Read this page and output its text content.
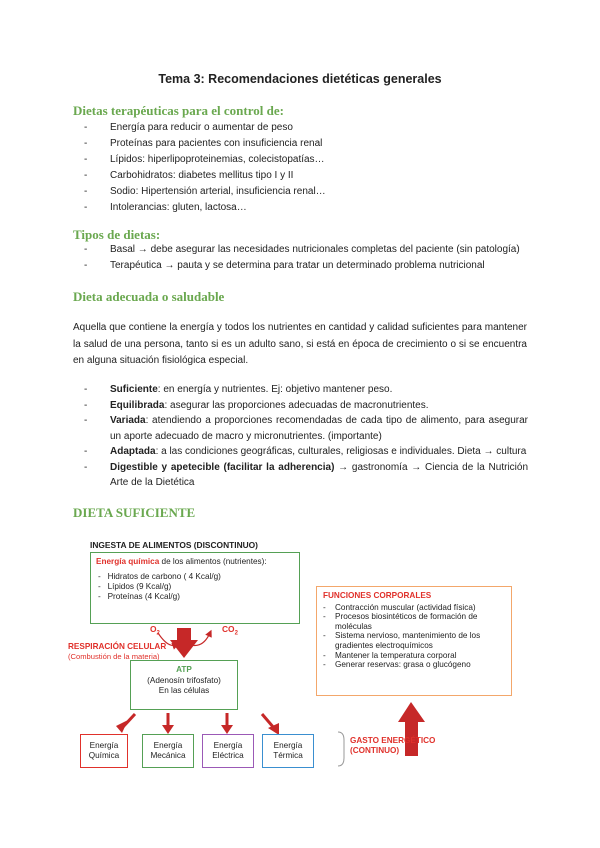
Tema 3: Recomendaciones dietéticas generales
Dietas terapéuticas para el control de:
- Energía para reducir o aumentar de peso
- Proteínas para pacientes con insuficiencia renal
- Lípidos: hiperlipoproteinemias, colecistopatías…
- Carbohidratos: diabetes mellitus tipo I y II
- Sodio: Hipertensión arterial, insuficiencia renal…
- Intolerancias: gluten, lactosa…
Tipos de dietas:
- Basal → debe asegurar las necesidades nutricionales completas del paciente (sin patología)
- Terapéutica → pauta y se determina para tratar un determinado problema nutricional
Dieta adecuada o saludable
Aquella que contiene la energía y todos los nutrientes en cantidad y calidad suficientes para mantener la salud de una persona, tanto si es un adulto sano, si está en época de crecimiento o si se encuentra en alguna situación fisiológica especial.
- Suficiente: en energía y nutrientes. Ej: objetivo mantener peso.
- Equilibrada: asegurar las proporciones adecuadas de macronutrientes.
- Variada: atendiendo a proporciones recomendadas de cada tipo de alimento, para asegurar un aporte adecuado de macro y micronutrientes. (importante)
- Adaptada: a las condiciones geográficas, culturales, religiosas e individuales. Dieta → cultura
- Digestible y apetecible (facilitar la adherencia) → gastronomía → Ciencia de la Nutrición Arte de la Dietética
DIETA SUFICIENTE
INGESTA DE ALIMENTOS (DISCONTINUO)
Energía química de los alimentos (nutrientes):
-   Hidratos de carbono ( 4 Kcal/g)
-   Lípidos (9 Kcal/g)
-   Proteínas (4 Kcal/g)
$O_2$	$CO_2$
RESPIRACIÓN CELULAR
(Combustión de la materia)
ATP
(Adenosín trifosfato)
En las células
Energía
Química
Energía
Mecánica
Energía
Eléctrica
Energía
Térmica
GASTO ENERGÉTICO
(CONTINUO)
FUNCIONES CORPORALES
- Contracción muscular (actividad física)
- Procesos biosintéticos de formación de moléculas
- Sistema nervioso, mantenimiento de los gradientes electroquímicos
- Mantener la temperatura corporal
- Generar reservas: grasa o glucógeno
